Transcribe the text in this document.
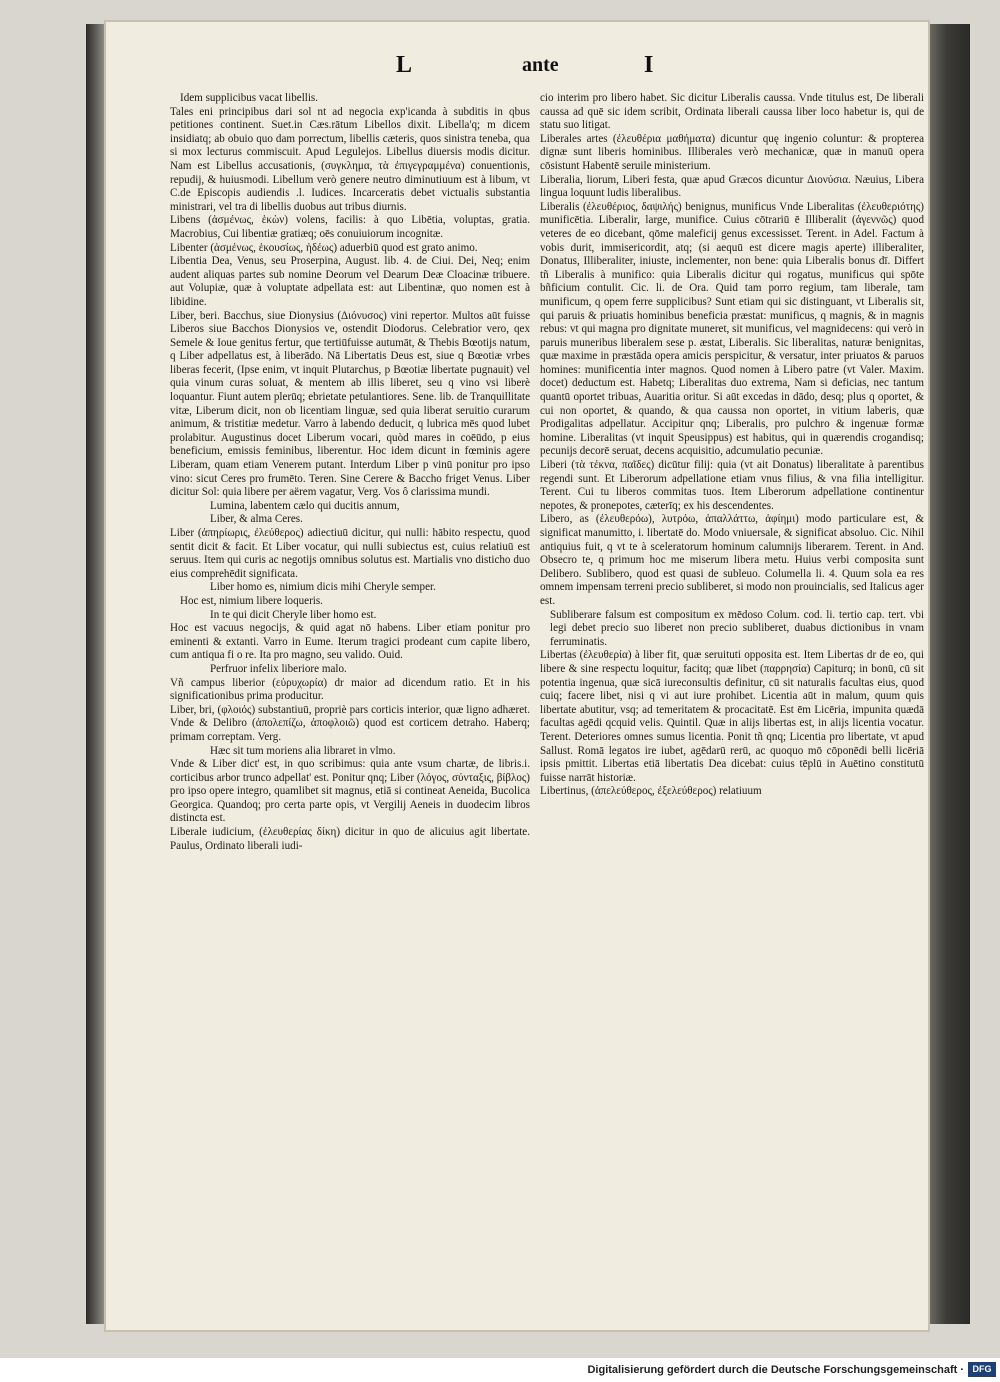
L	ante	I

Idem supplicibus vacat libellis.

Tales eni principibus dari sol nt ad negocia exp'icanda à subditis in qbus petitiones continent. Suet.in Cæs.rātum Libellos dixit. Libella'q; m dicem insidiatq; ab obuio quo dam porrectum, libellis cæteris, quos sinistra teneba, qua si mox lecturus commiscuit. Apud Legulejos. Libellus diuersis modis dicitur. Nam est Libellus accusationis, (συγκλημα, τὰ ἐπιγεγραμμένα) conuentionis, repudij, & huiusmodi. Libellum verò genere neutro diminutiuum est à libum, vt C.de Episcopis audiendis .l. Iudices. Incarceratis debet victualis substantia ministrari, vel tra di libellis duobus aut tribus diurnis.

Libens (ἀσμένως, ἑκὼν) volens, facilis: à quo Libētia, voluptas, gratia. Macrobius, Cui libentiæ gratiæq; oēs conuiuiorum incognitæ.

Libenter (ἀσμένως, ἑκουσίως, ἡδέως) aduerbiū quod est grato animo.

Libentia Dea, Venus, seu Proserpina, August. lib. 4. de Ciui. Dei, Neq; enim audent aliquas partes sub nomine Deorum vel Dearum Deæ Cloacinæ tribuere. aut Volupiæ, quæ à voluptate adpellata est: aut Libentinæ, quo nomen est à libidine.

Liber, beri. Bacchus, siue Dionysius (Διόνυσος) vini repertor. Multos aūt fuisse Liberos siue Bacchos Dionysios ve, ostendit Diodorus. Celebratior vero, qex Semele & Ioue genitus fertur, que tertiūfuisse autumāt, & Thebis Bœotijs natum, q Liber adpellatus est, à liberādo. Nā Libertatis Deus est, siue q Bœotiæ vrbes liberas fecerit, (Ipse enim, vt inquit Plutarchus, p Bœotiæ libertate pugnauit) vel quia vinum curas soluat, & mentem ab illis liberet, seu q vino vsi liberè loquantur. Fiunt autem plerūq; ebrietate petulantiores. Sene. lib. de Tranquillitate vitæ, Liberum dicit, non ob licentiam linguæ, sed quia liberat seruitio curarum animum, & tristitiæ medetur. Varro à labendo deducit, q lubrica mēs quod lubet prolabitur. Augustinus docet Liberum vocari, quòd mares in coēūdo, p eius beneficium, emissis feminibus, liberentur. Hoc idem dicunt in fœminis agere Liberam, quam etiam Venerem putant. Interdum Liber p vinū ponitur pro ipso vino: sicut Ceres pro frumēto. Teren. Sine Cerere & Baccho friget Venus. Liber dicitur Sol: quia libere per aërem vagatur, Verg. Vos ô clarissima mundi.

Lumina, labentem cælo qui ducitis annum,

Liber, & alma Ceres.

Liber (ἀπηρίωρις, ἐλεύθερος) adiectiuū dicitur, qui nulli: hābito respectu, quod sentit dicit & facit. Et Liber vocatur, qui nulli subiectus est, cuius relatiuū est seruus. Item qui curis ac negotijs omnibus solutus est. Martialis vno disticho duo eius comprehēdit significata.

Liber homo es, nimium dicis mihi Cheryle semper.

Hoc est, nimium libere loqueris.

In te qui dicit Cheryle liber homo est.

Hoc est vacuus negocijs, & quid agat nō habens. Liber etiam ponitur pro eminenti & extanti. Varro in Eume. Iterum tragici prodeant cum capite libero, cum antiqua fi o re. Ita pro magno, seu valido. Ouid.

Perfruor infelix liberiore malo.

Vñ campus liberior (εὐρυχωρία) dr maior ad dicendum ratio. Et in his significationibus prima producitur.

Liber, bri, (φλοιός) substantiuū, propriè pars corticis interior, quæ ligno adhæret. Vnde & Delibro (ἀπολεπίζω, ἀποφλοιῶ) quod est corticem detraho. Haberq; primam correptam. Verg.

Hæc sit tum moriens alia libraret in vlmo.

Vnde & Liber dict' est, in quo scribimus: quia ante vsum chartæ, de libris.i. corticibus arbor trunco adpellat' est. Ponitur qnq; Liber (λόγος, σύνταξις, βίβλος) pro ipso opere integro, quamlibet sit magnus, etiā si contineat Aeneida, Bucolica Georgica. Quandoq; pro certa parte opis, vt Vergilij Aeneis in duodecim libros distincta est.

Liberale iudicium, (ἐλευθερίας δίκη) dicitur in quo de alicuius agit libertate. Paulus, Ordinato liberali iudi-

cio interim pro libero habet. Sic dicitur Liberalis caussa. Vnde titulus est, De liberali caussa ad quē sic idem scribit, Ordinata liberali caussa liber loco habetur is, qui de statu suo litigat.

Liberales artes (ἐλευθέρια μαθήματα) dicuntur quę ingenio coluntur: & propterea dignæ sunt liberis hominibus. Illiberales verò mechanicæ, quæ in manuū opera cōsistunt Habentē seruile ministerium.

Liberalia, liorum, Liberi festa, quæ apud Græcos dicuntur Διονύσια. Næuius, Libera lingua loquunt ludis liberalibus.

Liberalis (ἐλευθέριος, δαψιλής) benignus, munificus Vnde Liberalitas (ἐλευθεριότης) munificētia. Liberalir, large, munifice. Cuius cōtrariū ē Illiberalit (ἀγεννῶς) quod veteres de eo dicebant, qōme maleficij genus excessisset. Terent. in Adel. Factum à vobis durit, immisericordit, atq; (si aequū est dicere magis aperte) illiberaliter, Donatus, Illiberaliter, iniuste, inclementer, non bene: quia Liberalis bonus dī. Differt tñ Liberalis à munifico: quia Liberalis dicitur qui rogatus, munificus qui spōte bñficium contulit. Cic. li. de Ora. Quid tam porro regium, tam liberale, tam munificum, q opem ferre supplicibus? Sunt etiam qui sic distinguant, vt Liberalis sit, qui paruis & priuatis hominibus beneficia præstat: munificus, q magnis, & in magnis rebus: vt qui magna pro dignitate muneret, sit munificus, vel magnidecens: qui verò in paruis muneribus liberalem sese p. æstat, Liberalis. Sic liberalitas, naturæ benignitas, quæ maxime in præstāda opera amicis perspicitur, & versatur, inter priuatos & paruos homines: munificentia inter magnos. Quod nomen à Libero patre (vt Valer. Maxim. docet) deductum est. Habetq; Liberalitas duo extrema, Nam si deficias, nec tantum quantū oportet tribuas, Auaritia oritur. Si aūt excedas in dādo, desq; plus q oportet, & cui non oportet, & quando, & qua caussa non oportet, in vitium laberis, quæ Prodigalitas adpellatur. Accipitur qnq; Liberalis, pro pulchro & ingenuæ formæ homine. Liberalitas (vt inquit Speusippus) est habitus, qui in quærendis crogandisq; pecunijs decorē seruat, decens acquisitio, adcumulatio pecuniæ.

Liberi (τὰ τέκνα, παῖδες) dicūtur filij: quia (vt ait Donatus) liberalitate à parentibus regendi sunt. Et Liberorum adpellatione etiam vnus filius, & vna filia intelligitur. Terent. Cui tu liberos commitas tuos. Item Liberorum adpellatione continentur nepotes, & pronepotes, cæterīq; ex his descendentes.

Libero, as (ἐλευθερόω), λυτρόω, ἀπαλλάττω, ἀφίημι) modo particulare est, & significat manumitto, i. libertatē do. Modo vniuersale, & significat absoluo. Cic. Nihil antiquius fuit, q vt te à sceleratorum hominum calumnijs liberarem. Terent. in And. Obsecro te, q primum hoc me miserum libera metu. Huius verbi composita sunt Delibero. Sublibero, quod est quasi de subleuo. Columella li. 4. Quum sola ea res omnem impensam terreni precio subliberet, si modo non prouincialis, sed Italicus ager est.

Subliberare falsum est compositum ex mēdoso Colum. cod. li. tertio cap. tert. vbi legi debet precio suo liberet non precio subliberet, duabus dictionibus in vnam ferruminatis.

Libertas (ἐλευθερία) à liber fit, quæ seruituti opposita est. Item Libertas dr de eo, qui libere & sine respectu loquitur, facitq; quæ libet (παρρησία) Capiturq; in bonū, cū sit potentia ingenua, quæ sicā iureconsultis definitur, cū sit naturalis facultas eius, quod cuiq; facere libet, nisi q vi aut iure prohibet. Licentia aūt in malum, quum quis libertate abutitur, vsq; ad temeritatem & procacitatē. Est ēm Licēria, impunita quædā facultas agēdi qcquid velis. Quintil. Quæ in alijs libertas est, in alijs licentia vocatur. Terent. Deteriores omnes sumus licentia. Ponit tñ qnq; Licentia pro libertate, vt apud Sallust. Romā legatos ire iubet, agēdarū rerū, ac quoquo mō cōponēdi belli licēriā ipsis pmittit. Libertas etiā libertatis Dea dicebat: cuius tēplū in Auētino constitutū fuisse narrāt historiæ.

Libertinus, (ἀπελεύθερος, ἐξελεύθερος) relatiuum

Digitalisierung gefördert durch die Deutsche Forschungsgemeinschaft · DFG
